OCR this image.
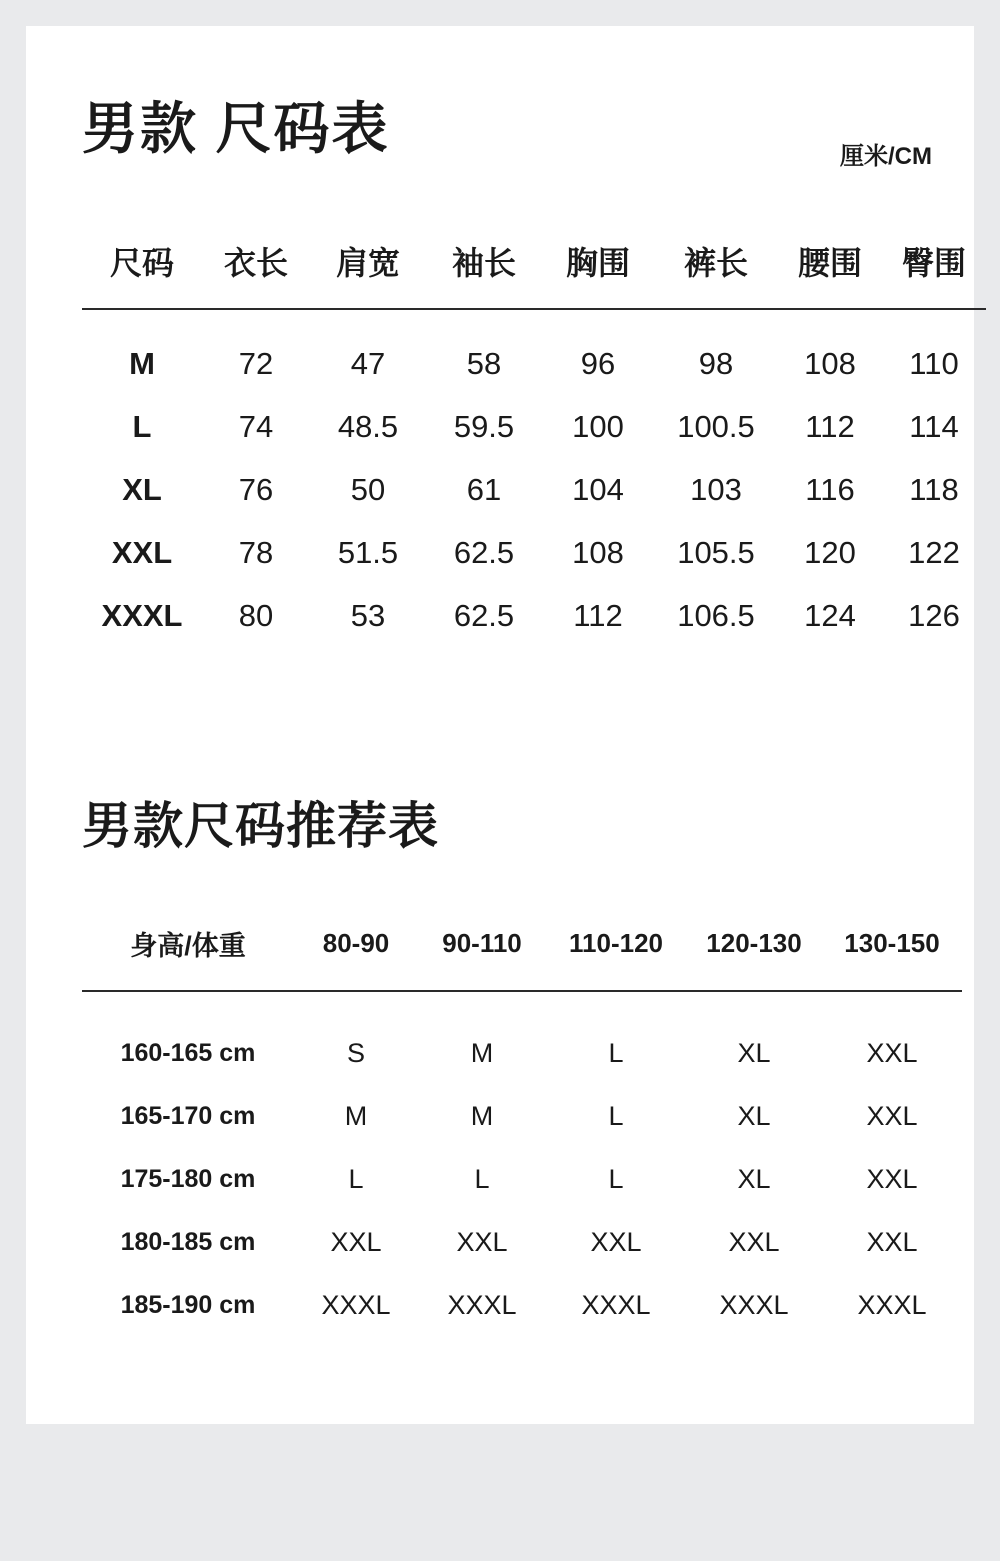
男款 尺码表	厘米/CM
尺码	衣长	肩宽	袖长	胸围	裤长	腰围	臀围
M	72	47	58	96	98	108	110
L	74	48.5	59.5	100	100.5	112	114
XL	76	50	61	104	103	116	118
XXL	78	51.5	62.5	108	105.5	120	122
XXXL	80	53	62.5	112	106.5	124	126
男款尺码推荐表
身高/体重	80-90	90-110	110-120	120-130	130-150
160-165 cm	S	M	L	XL	XXL
165-170 cm	M	M	L	XL	XXL
175-180 cm	L	L	L	XL	XXL
180-185 cm	XXL	XXL	XXL	XXL	XXL
185-190 cm	XXXL	XXXL	XXXL	XXXL	XXXL
